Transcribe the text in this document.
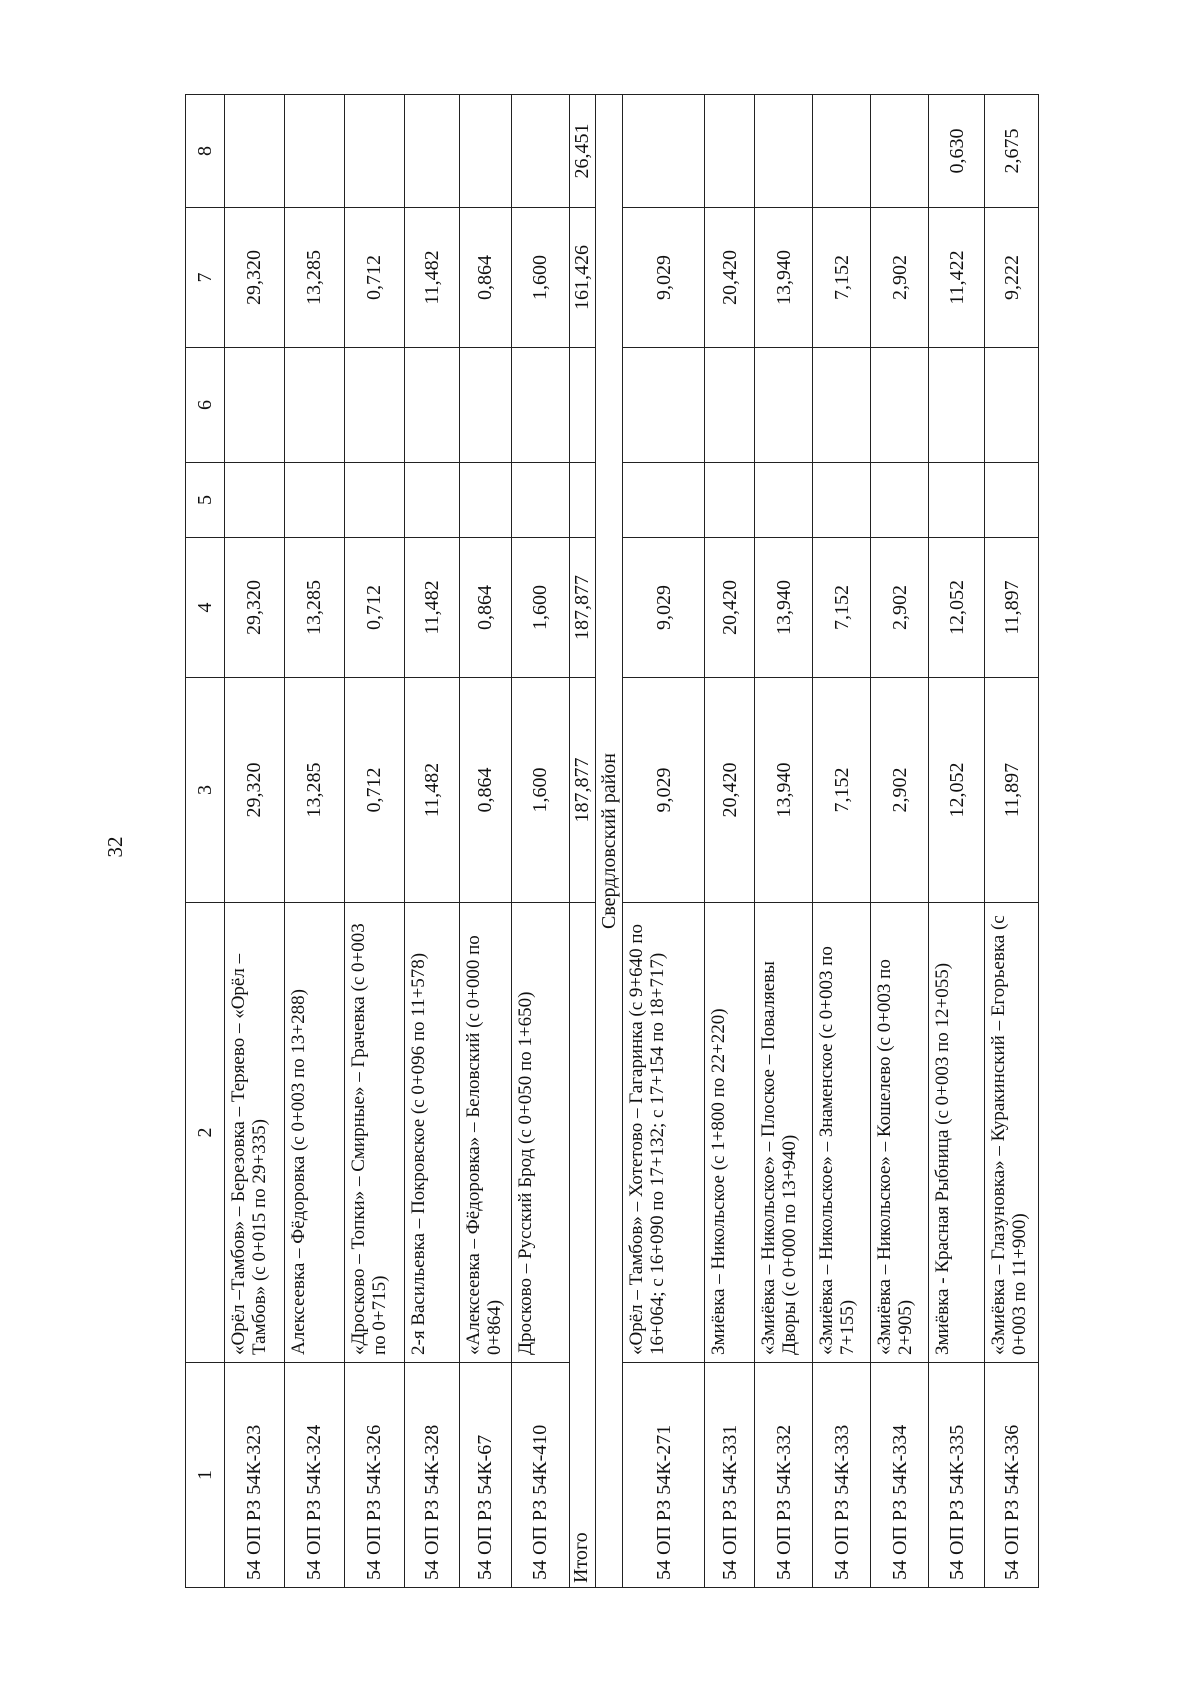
32
1	2	3	4	5	6	7	8
54 ОП РЗ 54К-323	«Орёл –Тамбов» – Березовка – Теряево – «Орёл –Тамбов» (с 0+015 по 29+335)	29,320	29,320			29,320	
54 ОП РЗ 54К-324	Алексеевка – Фёдоровка (с 0+003 по 13+288)	13,285	13,285			13,285	
54 ОП РЗ 54К-326	«Дросково – Топки» – Смирные» – Грачевка (с 0+003 по 0+715)	0,712	0,712			0,712	
54 ОП РЗ 54К-328	2-я Васильевка – Покровское (с 0+096 по 11+578)	11,482	11,482			11,482	
54 ОП РЗ 54К-67	«Алексеевка – Фёдоровка» – Беловский (с 0+000 по 0+864)	0,864	0,864			0,864	
54 ОП РЗ 54К-410	Дросково – Русский Брод (с 0+050 по 1+650)	1,600	1,600			1,600	
Итого		187,877	187,877			161,426	26,451
Свердловский район							
54 ОП РЗ 54К-271	«Орёл – Тамбов» – Хотетово – Гагаринка (с 9+640 по 16+064; с 16+090 по 17+132; с 17+154 по 18+717)	9,029	9,029			9,029	
54 ОП РЗ 54К-331	Змиёвка – Никольское (с 1+800 по 22+220)	20,420	20,420			20,420	
54 ОП РЗ 54К-332	«Змиёвка – Никольское» – Плоское – Поваляевы Дворы (с 0+000 по 13+940)	13,940	13,940			13,940	
54 ОП РЗ 54К-333	«Змиёвка – Никольское» – Знаменское (с 0+003 по 7+155)	7,152	7,152			7,152	
54 ОП РЗ 54К-334	«Змиёвка – Никольское» – Кошелево (с 0+003 по 2+905)	2,902	2,902			2,902	
54 ОП РЗ 54К-335	Змиёвка - Красная Рыбница (с 0+003 по 12+055)	12,052	12,052			11,422	0,630
54 ОП РЗ 54К-336	«Змиёвка – Глазуновка» – Куракинский – Егорьевка (с 0+003 по 11+900)	11,897	11,897			9,222	2,675
